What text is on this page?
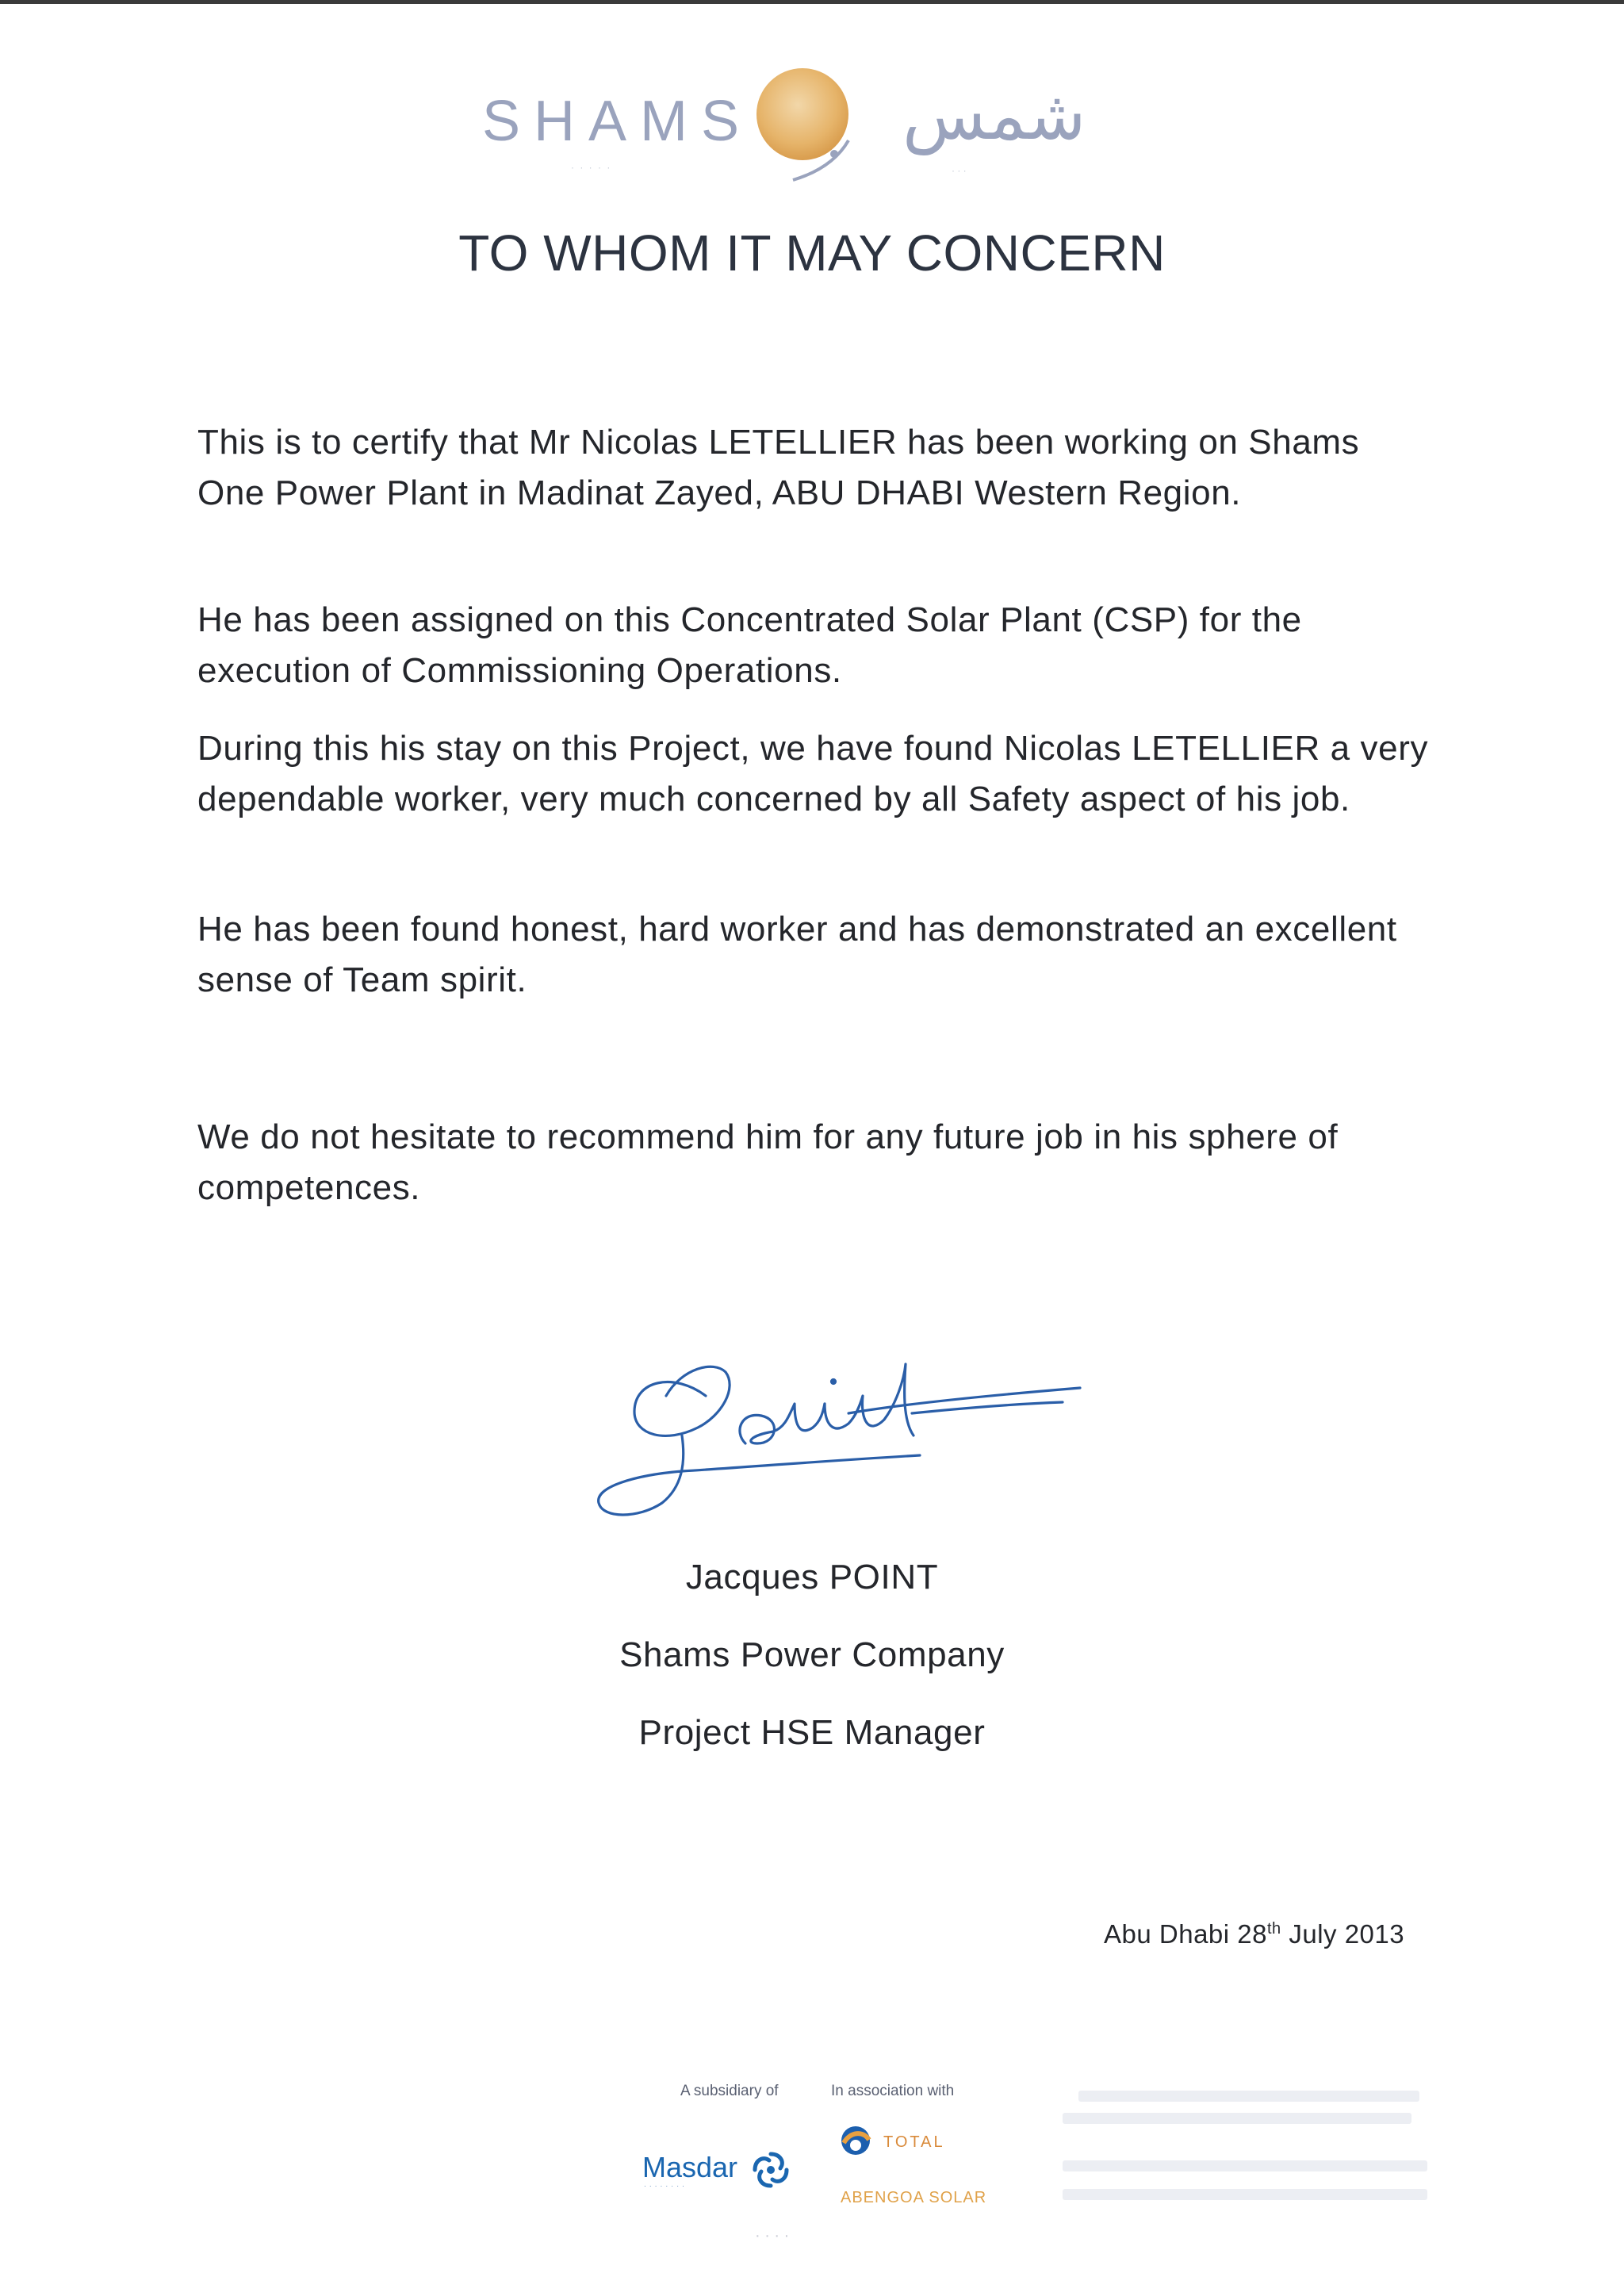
SHAMS
· · · · ·
شمس
· · ·
TO WHOM IT MAY CONCERN

This is to certify that Mr Nicolas LETELLIER has been working on Shams One Power Plant in Madinat Zayed, ABU DHABI Western Region.

He has been assigned on this Concentrated Solar Plant (CSP) for the execution of Commissioning Operations.

During this his stay on this Project, we have found Nicolas LETELLIER a very dependable worker, very much concerned by all Safety aspect of his job.

He has been found honest, hard worker and has demonstrated an excellent sense of Team spirit.

We do not hesitate to recommend him for any future job in his sphere of competences.

Jacques POINT

Shams Power Company

Project HSE Manager

Abu Dhabi 28th July 2013
A subsidiary of	In association with
Masdar
· · · · · · · ·
TOTAL
ABENGOA SOLAR
· · · ·
